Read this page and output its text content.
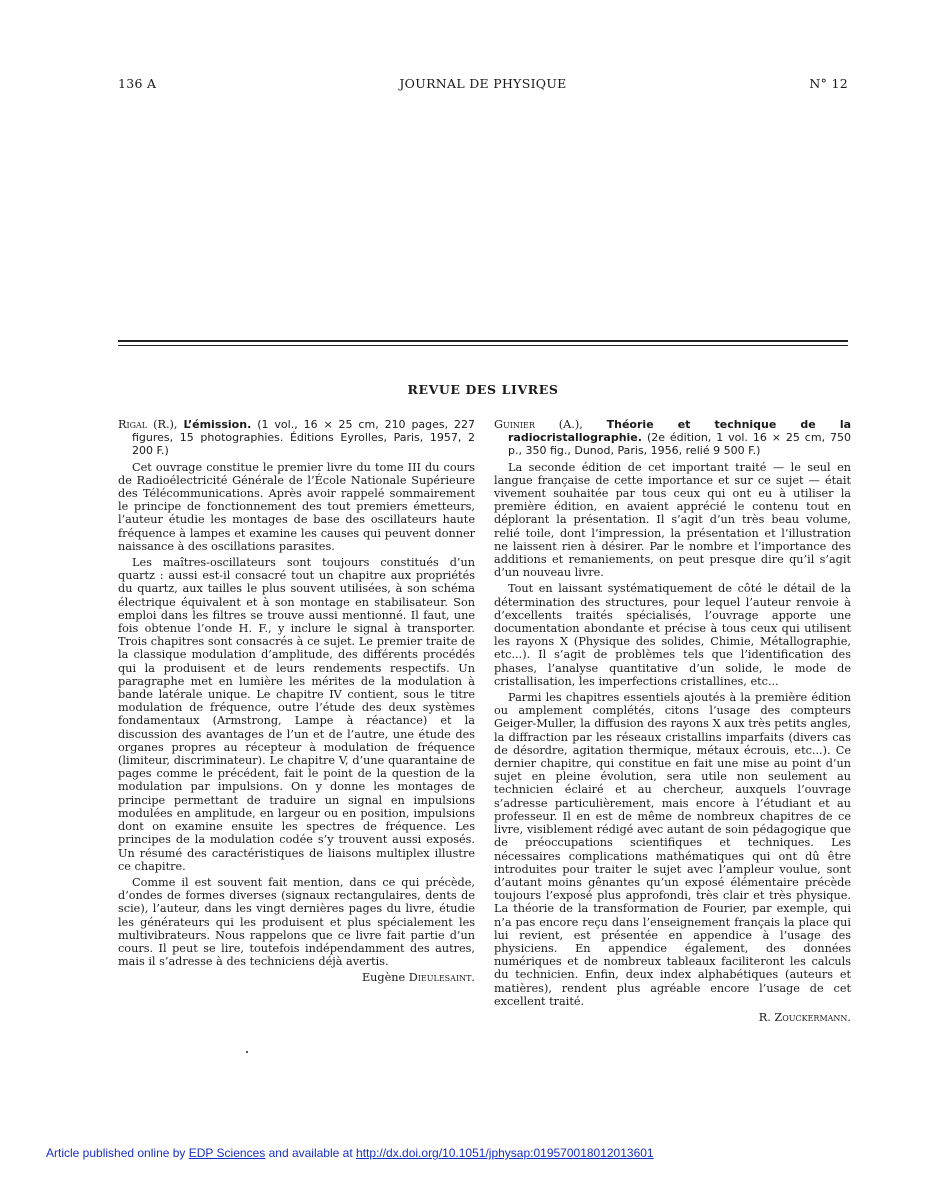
136 A	JOURNAL DE PHYSIQUE	N° 12
REVUE DES LIVRES

Rigal (R.), L’émission. (1 vol., 16 × 25 cm, 210 pages, 227 figures, 15 photographies. Éditions Eyrolles, Paris, 1957, 2 200 F.)

Cet ouvrage constitue le premier livre du tome III du cours de Radioélectricité Générale de l’École Nationale Supérieure des Télécommunications. Après avoir rappelé sommairement le principe de fonctionnement des tout premiers émetteurs, l’auteur étudie les montages de base des oscillateurs haute fréquence à lampes et examine les causes qui peuvent donner naissance à des oscillations parasites.

Les maîtres-oscillateurs sont toujours constitués d’un quartz : aussi est-il consacré tout un chapitre aux propriétés du quartz, aux tailles le plus souvent utilisées, à son schéma électrique équivalent et à son montage en stabilisateur. Son emploi dans les filtres se trouve aussi mentionné. Il faut, une fois obtenue l’onde H. F., y inclure le signal à transporter. Trois chapitres sont consacrés à ce sujet. Le premier traite de la classique modulation d’amplitude, des différents procédés qui la produisent et de leurs rendements respectifs. Un paragraphe met en lumière les mérites de la modulation à bande latérale unique. Le chapitre IV contient, sous le titre modulation de fréquence, outre l’étude des deux systèmes fondamentaux (Armstrong, Lampe à réactance) et la discussion des avantages de l’un et de l’autre, une étude des organes propres au récepteur à modulation de fréquence (limiteur, discriminateur). Le chapitre V, d’une quarantaine de pages comme le précédent, fait le point de la question de la modulation par impulsions. On y donne les montages de principe permettant de traduire un signal en impulsions modulées en amplitude, en largeur ou en position, impulsions dont on examine ensuite les spectres de fréquence. Les principes de la modulation codée s’y trouvent aussi exposés. Un résumé des caractéristiques de liaisons multiplex illustre ce chapitre.

Comme il est souvent fait mention, dans ce qui précède, d’ondes de formes diverses (signaux rectangulaires, dents de scie), l’auteur, dans les vingt dernières pages du livre, étudie les générateurs qui les produisent et plus spécialement les multivibrateurs. Nous rappelons que ce livre fait partie d’un cours. Il peut se lire, toutefois indépendamment des autres, mais il s’adresse à des techniciens déjà avertis.

Eugène Dieulesaint.

Guinier (A.), Théorie et technique de la radiocristallographie. (2e édition, 1 vol. 16 × 25 cm, 750 p., 350 fig., Dunod, Paris, 1956, relié 9 500 F.)

La seconde édition de cet important traité — le seul en langue française de cette importance et sur ce sujet — était vivement souhaitée par tous ceux qui ont eu à utiliser la première édition, en avaient apprécié le contenu tout en déplorant la présentation. Il s’agit d’un très beau volume, relié toile, dont l’impression, la présentation et l’illustration ne laissent rien à désirer. Par le nombre et l’importance des additions et remaniements, on peut presque dire qu’il s’agit d’un nouveau livre.

Tout en laissant systématiquement de côté le détail de la détermination des structures, pour lequel l’auteur renvoie à d’excellents traités spécialisés, l’ouvrage apporte une documentation abondante et précise à tous ceux qui utilisent les rayons X (Physique des solides, Chimie, Métallographie, etc...). Il s’agit de problèmes tels que l’identification des phases, l’analyse quantitative d’un solide, le mode de cristallisation, les imperfections cristallines, etc...

Parmi les chapitres essentiels ajoutés à la première édition ou amplement complétés, citons l’usage des compteurs Geiger-Muller, la diffusion des rayons X aux très petits angles, la diffraction par les réseaux cristallins imparfaits (divers cas de désordre, agitation thermique, métaux écrouis, etc...). Ce dernier chapitre, qui constitue en fait une mise au point d’un sujet en pleine évolution, sera utile non seulement au technicien éclairé et au chercheur, auxquels l’ouvrage s’adresse particulièrement, mais encore à l’étudiant et au professeur. Il en est de même de nombreux chapitres de ce livre, visiblement rédigé avec autant de soin pédagogique que de préoccupations scientifiques et techniques. Les nécessaires complications mathématiques qui ont dû être introduites pour traiter le sujet avec l’ampleur voulue, sont d’autant moins gênantes qu’un exposé élémentaire précède toujours l’exposé plus approfondi, très clair et très physique. La théorie de la transformation de Fourier, par exemple, qui n’a pas encore reçu dans l’enseignement français la place qui lui revient, est présentée en appendice à l’usage des physiciens. En appendice également, des données numériques et de nombreux tableaux faciliteront les calculs du technicien. Enfin, deux index alphabétiques (auteurs et matières), rendent plus agréable encore l’usage de cet excellent traité.

R. Zouckermann.

Article published online by EDP Sciences and available at http://dx.doi.org/10.1051/jphysap:019570018012013601
